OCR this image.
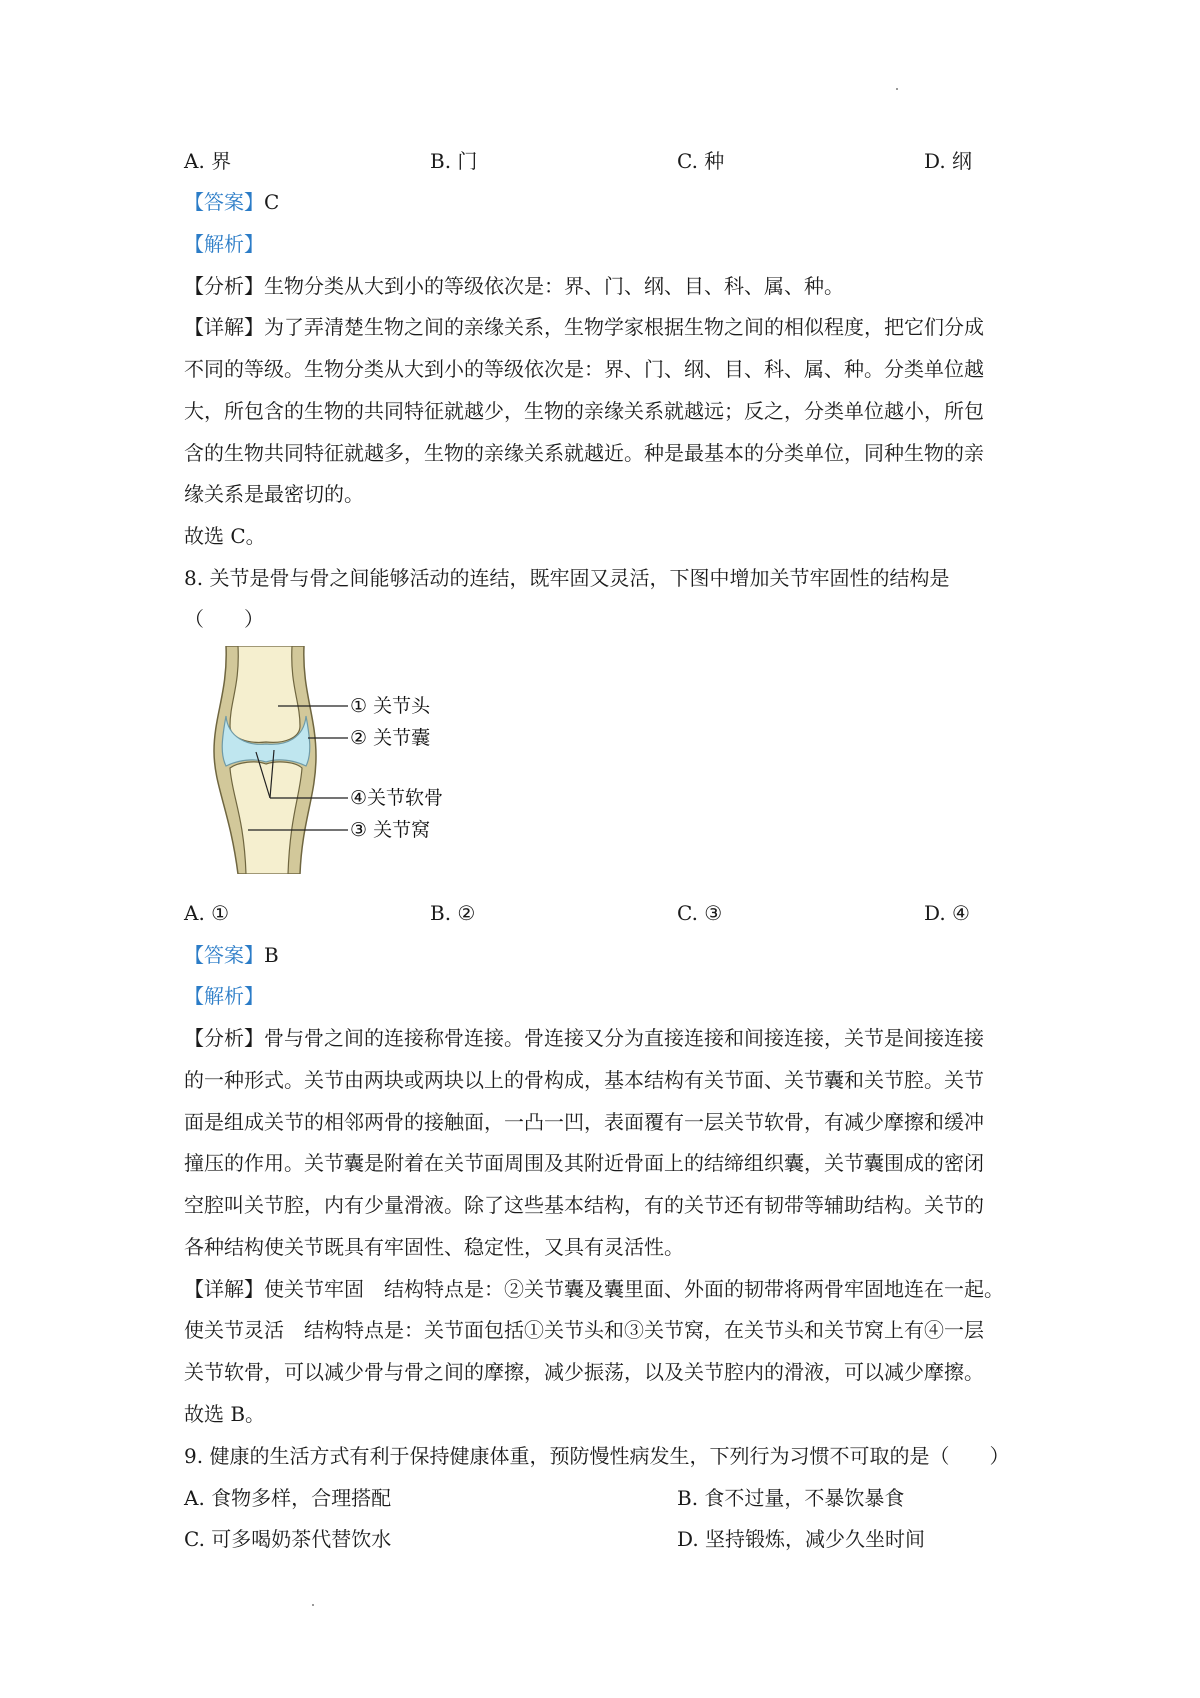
A. 界	B. 门	C. 种	D. 纲
【答案】C
【解析】
【分析】生物分类从大到小的等级依次是：界、门、纲、目、科、属、种。
【详解】为了弄清楚生物之间的亲缘关系，生物学家根据生物之间的相似程度，把它们分成
不同的等级。生物分类从大到小的等级依次是：界、门、纲、目、科、属、种。分类单位越
大，所包含的生物的共同特征就越少，生物的亲缘关系就越远；反之，分类单位越小，所包
含的生物共同特征就越多，生物的亲缘关系就越近。种是最基本的分类单位，同种生物的亲
缘关系是最密切的。
故选 C。
8. 关节是骨与骨之间能够活动的连结，既牢固又灵活，下图中增加关节牢固性的结构是
（　　）
① 关节头
② 关节囊
④关节软骨
③ 关节窝
A. ①	B. ②	C. ③	D. ④
【答案】B
【解析】
【分析】骨与骨之间的连接称骨连接。骨连接又分为直接连接和间接连接，关节是间接连接
的一种形式。关节由两块或两块以上的骨构成，基本结构有关节面、关节囊和关节腔。关节
面是组成关节的相邻两骨的接触面，一凸一凹，表面覆有一层关节软骨，有减少摩擦和缓冲
撞压的作用。关节囊是附着在关节面周围及其附近骨面上的结缔组织囊，关节囊围成的密闭
空腔叫关节腔，内有少量滑液。除了这些基本结构，有的关节还有韧带等辅助结构。关节的
各种结构使关节既具有牢固性、稳定性，又具有灵活性。
【详解】使关节牢固　结构特点是：②关节囊及囊里面、外面的韧带将两骨牢固地连在一起。
使关节灵活　结构特点是：关节面包括①关节头和③关节窝，在关节头和关节窝上有④一层
关节软骨，可以减少骨与骨之间的摩擦，减少振荡，以及关节腔内的滑液，可以减少摩擦。
故选 B。
9. 健康的生活方式有利于保持健康体重，预防慢性病发生，下列行为习惯不可取的是（　　）
A. 食物多样，合理搭配	B. 食不过量，不暴饮暴食
C. 可多喝奶茶代替饮水	D. 坚持锻炼，减少久坐时间
